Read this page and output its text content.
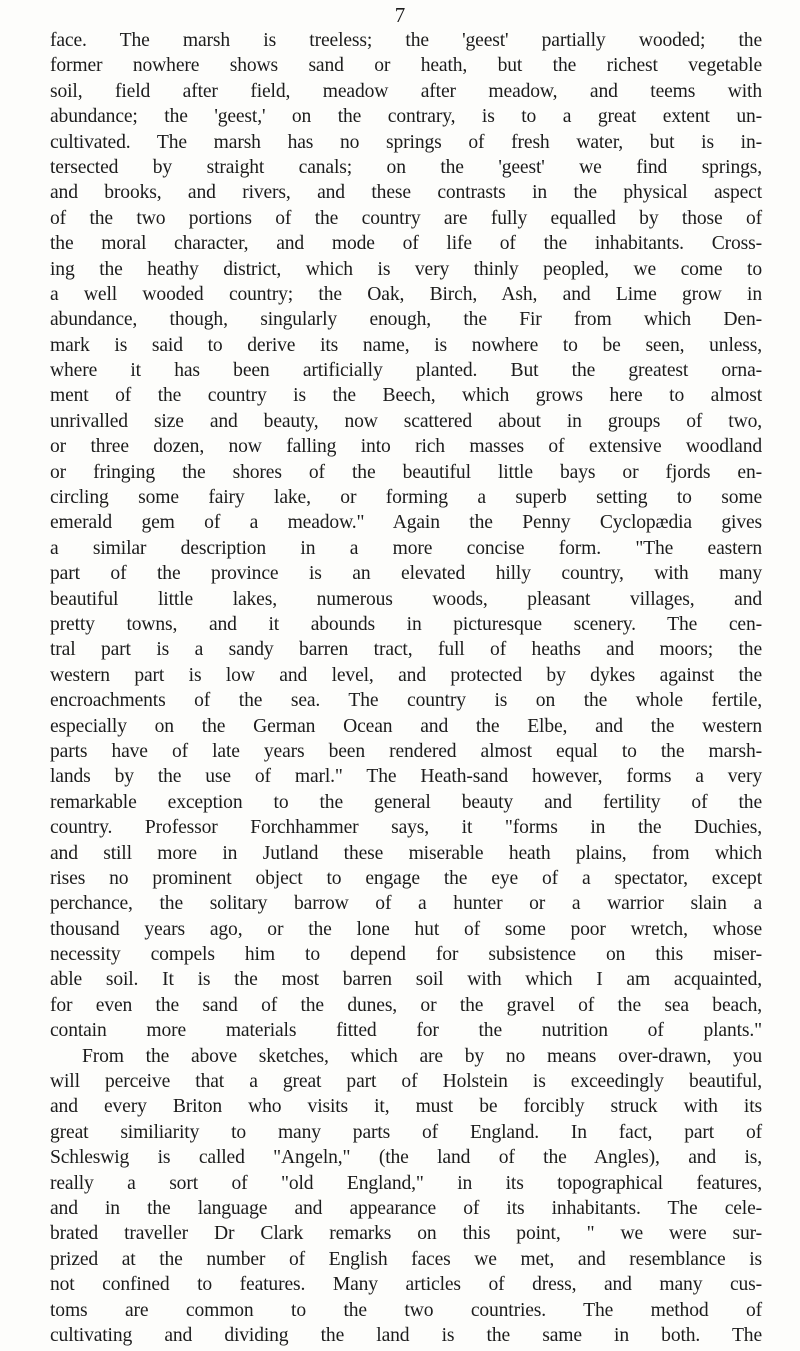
7
face. The marsh is treeless; the 'geest' partially wooded; the
former nowhere shows sand or heath, but the richest vegetable
soil, field after field, meadow after meadow, and teems with
abundance; the 'geest,' on the contrary, is to a great extent un-
cultivated. The marsh has no springs of fresh water, but is in-
tersected by straight canals; on the 'geest' we find springs,
and brooks, and rivers, and these contrasts in the physical aspect
of the two portions of the country are fully equalled by those of
the moral character, and mode of life of the inhabitants. Cross-
ing the heathy district, which is very thinly peopled, we come to
a well wooded country; the Oak, Birch, Ash, and Lime grow in
abundance, though, singularly enough, the Fir from which Den-
mark is said to derive its name, is nowhere to be seen, unless,
where it has been artificially planted. But the greatest orna-
ment of the country is the Beech, which grows here to almost
unrivalled size and beauty, now scattered about in groups of two,
or three dozen, now falling into rich masses of extensive woodland
or fringing the shores of the beautiful little bays or fjords en-
circling some fairy lake, or forming a superb setting to some
emerald gem of a meadow." Again the Penny Cyclopædia gives
a similar description in a more concise form. "The eastern
part of the province is an elevated hilly country, with many
beautiful little lakes, numerous woods, pleasant villages, and
pretty towns, and it abounds in picturesque scenery. The cen-
tral part is a sandy barren tract, full of heaths and moors; the
western part is low and level, and protected by dykes against the
encroachments of the sea. The country is on the whole fertile,
especially on the German Ocean and the Elbe, and the western
parts have of late years been rendered almost equal to the marsh-
lands by the use of marl." The Heath-sand however, forms a very
remarkable exception to the general beauty and fertility of the
country. Professor Forchhammer says, it "forms in the Duchies,
and still more in Jutland these miserable heath plains, from which
rises no prominent object to engage the eye of a spectator, except
perchance, the solitary barrow of a hunter or a warrior slain a
thousand years ago, or the lone hut of some poor wretch, whose
necessity compels him to depend for subsistence on this miser-
able soil. It is the most barren soil with which I am acquainted,
for even the sand of the dunes, or the gravel of the sea beach,
contain more materials fitted for the nutrition of plants."
From the above sketches, which are by no means over-drawn, you
will perceive that a great part of Holstein is exceedingly beautiful,
and every Briton who visits it, must be forcibly struck with its
great similiarity to many parts of England. In fact, part of
Schleswig is called "Angeln," (the land of the Angles), and is,
really a sort of "old England," in its topographical features,
and in the language and appearance of its inhabitants. The cele-
brated traveller Dr Clark remarks on this point, " we were sur-
prized at the number of English faces we met, and resemblance is
not confined to features. Many articles of dress, and many cus-
toms are common to the two countries. The method of
cultivating and dividing the land is the same in both. The
